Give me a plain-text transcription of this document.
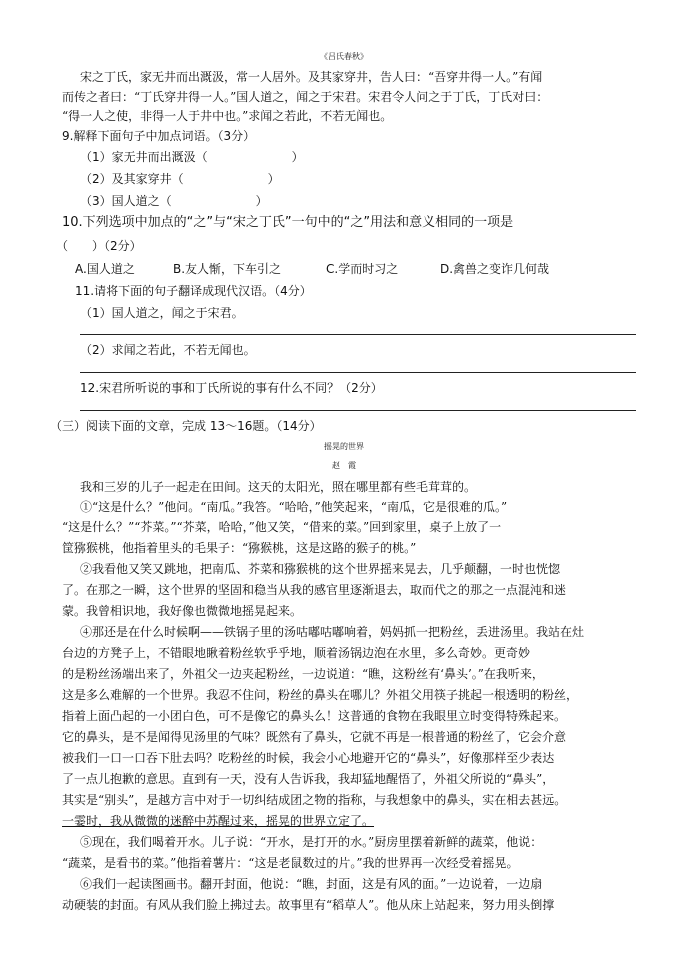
《吕氏春秋》
宋之丁氏，家无井而出溉汲，常一人居外。及其家穿井，告人曰：“吾穿井得一人。”有闻
而传之者曰：“丁氏穿井得一人。”国人道之，闻之于宋君。宋君令人问之于丁氏，丁氏对曰：
“得一人之使，非得一人于井中也。”求闻之若此，不若无闻也。
9.解释下面句子中加点词语。（3分）
（1）家无井而出溉汲（　　　　　　　）
（2）及其家穿井（　　　　　　　）
（3）国人道之（　　　　　　　）
10.下列选项中加点的“之”与“宋之丁氏”一句中的“之”用法和意义相同的一项是
（　　）（2分）
A.国人道之	B.友人惭，下车引之	C.学而时习之	D.禽兽之变诈几何哉
11.请将下面的句子翻译成现代汉语。（4分）
（1）国人道之，闻之于宋君。
（2）求闻之若此，不若无闻也。
12.宋君所听说的事和丁氏所说的事有什么不同？（2分）
（三）阅读下面的文章，完成 13～16题。（14分）
摇晃的世界
赵　霞
我和三岁的儿子一起走在田间。这天的太阳光，照在哪里都有些毛茸茸的。
①“这是什么？”他问。“南瓜。”我答。“哈哈，”他笑起来，“南瓜，它是很难的瓜。”
“这是什么？”“芥菜。”“芥菜，哈哈，”他又笑，“借来的菜。”回到家里，桌子上放了一
筐猕猴桃，他指着里头的毛果子：“猕猴桃，这是这路的猴子的桃。”
②我看他又笑又跳地，把南瓜、芥菜和猕猴桃的这个世界摇来晃去，几乎颠翻，一时也恍惚
了。在那之一瞬，这个世界的坚固和稳当从我的感官里逐渐退去，取而代之的那之一点混沌和迷
蒙。我曾相识地，我好像也微微地摇晃起来。
④那还是在什么时候啊——铁锅子里的汤咕嘟咕嘟响着，妈妈抓一把粉丝，丢进汤里。我站在灶
台边的方凳子上，不错眼地瞅着粉丝软乎乎地，顺着汤锅边泡在水里，多么奇妙。更奇妙
的是粉丝汤端出来了，外祖父一边夹起粉丝，一边说道：“瞧，这粉丝有‘鼻头’。”在我听来，
这是多么难解的一个世界。我忍不住问，粉丝的鼻头在哪儿？外祖父用筷子挑起一根透明的粉丝，
指着上面凸起的一小团白色，可不是像它的鼻头么！这普通的食物在我眼里立时变得特殊起来。
它的鼻头，是不是闻得见汤里的气味？既然有了鼻头，它就不再是一根普通的粉丝了，它会介意
被我们一口一口吞下肚去吗？吃粉丝的时候，我会小心地避开它的“鼻头”，好像那样至少表达
了一点儿抱歉的意思。直到有一天，没有人告诉我，我却猛地醒悟了，外祖父所说的“鼻头”，
其实是“别头”，是越方言中对于一切纠结成团之物的指称，与我想象中的鼻头，实在相去甚远。
一霎时，我从微微的迷醉中苏醒过来，摇晃的世界立定了。
⑤现在，我们喝着开水。儿子说：“开水，是打开的水。”厨房里摆着新鲜的蔬菜，他说：
“蔬菜，是看书的菜。”他指着薯片：“这是老鼠数过的片。”我的世界再一次经受着摇晃。
⑥我们一起读图画书。翻开封面，他说：“瞧，封面，这是有风的面。”一边说着，一边扇
动硬装的封面。有风从我们脸上拂过去。故事里有“稻草人”。他从床上站起来，努力用头倒撑
